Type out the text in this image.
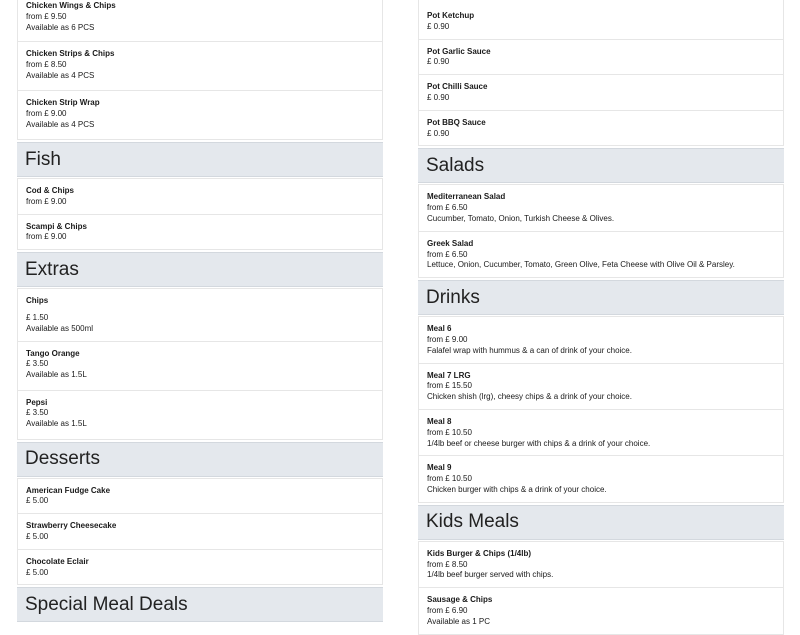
Chicken Wings & Chips
from £ 9.50
Available as 6 PCS
Chicken Strips & Chips
from £ 8.50
Available as 4 PCS
Chicken Strip Wrap
from £ 9.00
Available as 4 PCS
Fish
Cod & Chips
from £ 9.00
Scampi & Chips
from £ 9.00
Extras
Chips
£ 1.50
Available as 500ml
Tango Orange
£ 3.50
Available as 1.5L
Pepsi
£ 3.50
Available as 1.5L
Desserts
American Fudge Cake
£ 5.00
Strawberry Cheesecake
£ 5.00
Chocolate Eclair
£ 5.00
Special Meal Deals
Pot Ketchup
£ 0.90
Pot Garlic Sauce
£ 0.90
Pot Chilli Sauce
£ 0.90
Pot BBQ Sauce
£ 0.90
Salads
Mediterranean Salad
from £ 6.50
Cucumber, Tomato, Onion, Turkish Cheese & Olives.
Greek Salad
from £ 6.50
Lettuce, Onion, Cucumber, Tomato, Green Olive, Feta Cheese with Olive Oil & Parsley.
Drinks
Meal 6
from £ 9.00
Falafel wrap with hummus & a can of drink of your choice.
Meal 7 LRG
from £ 15.50
Chicken shish (lrg), cheesy chips & a drink of your choice.
Meal 8
from £ 10.50
1/4lb beef or cheese burger with chips & a drink of your choice.
Meal 9
from £ 10.50
Chicken burger with chips & a drink of your choice.
Kids Meals
Kids Burger & Chips (1/4lb)
from £ 8.50
1/4lb beef burger served with chips.
Sausage & Chips
from £ 6.90
Available as 1 PC
